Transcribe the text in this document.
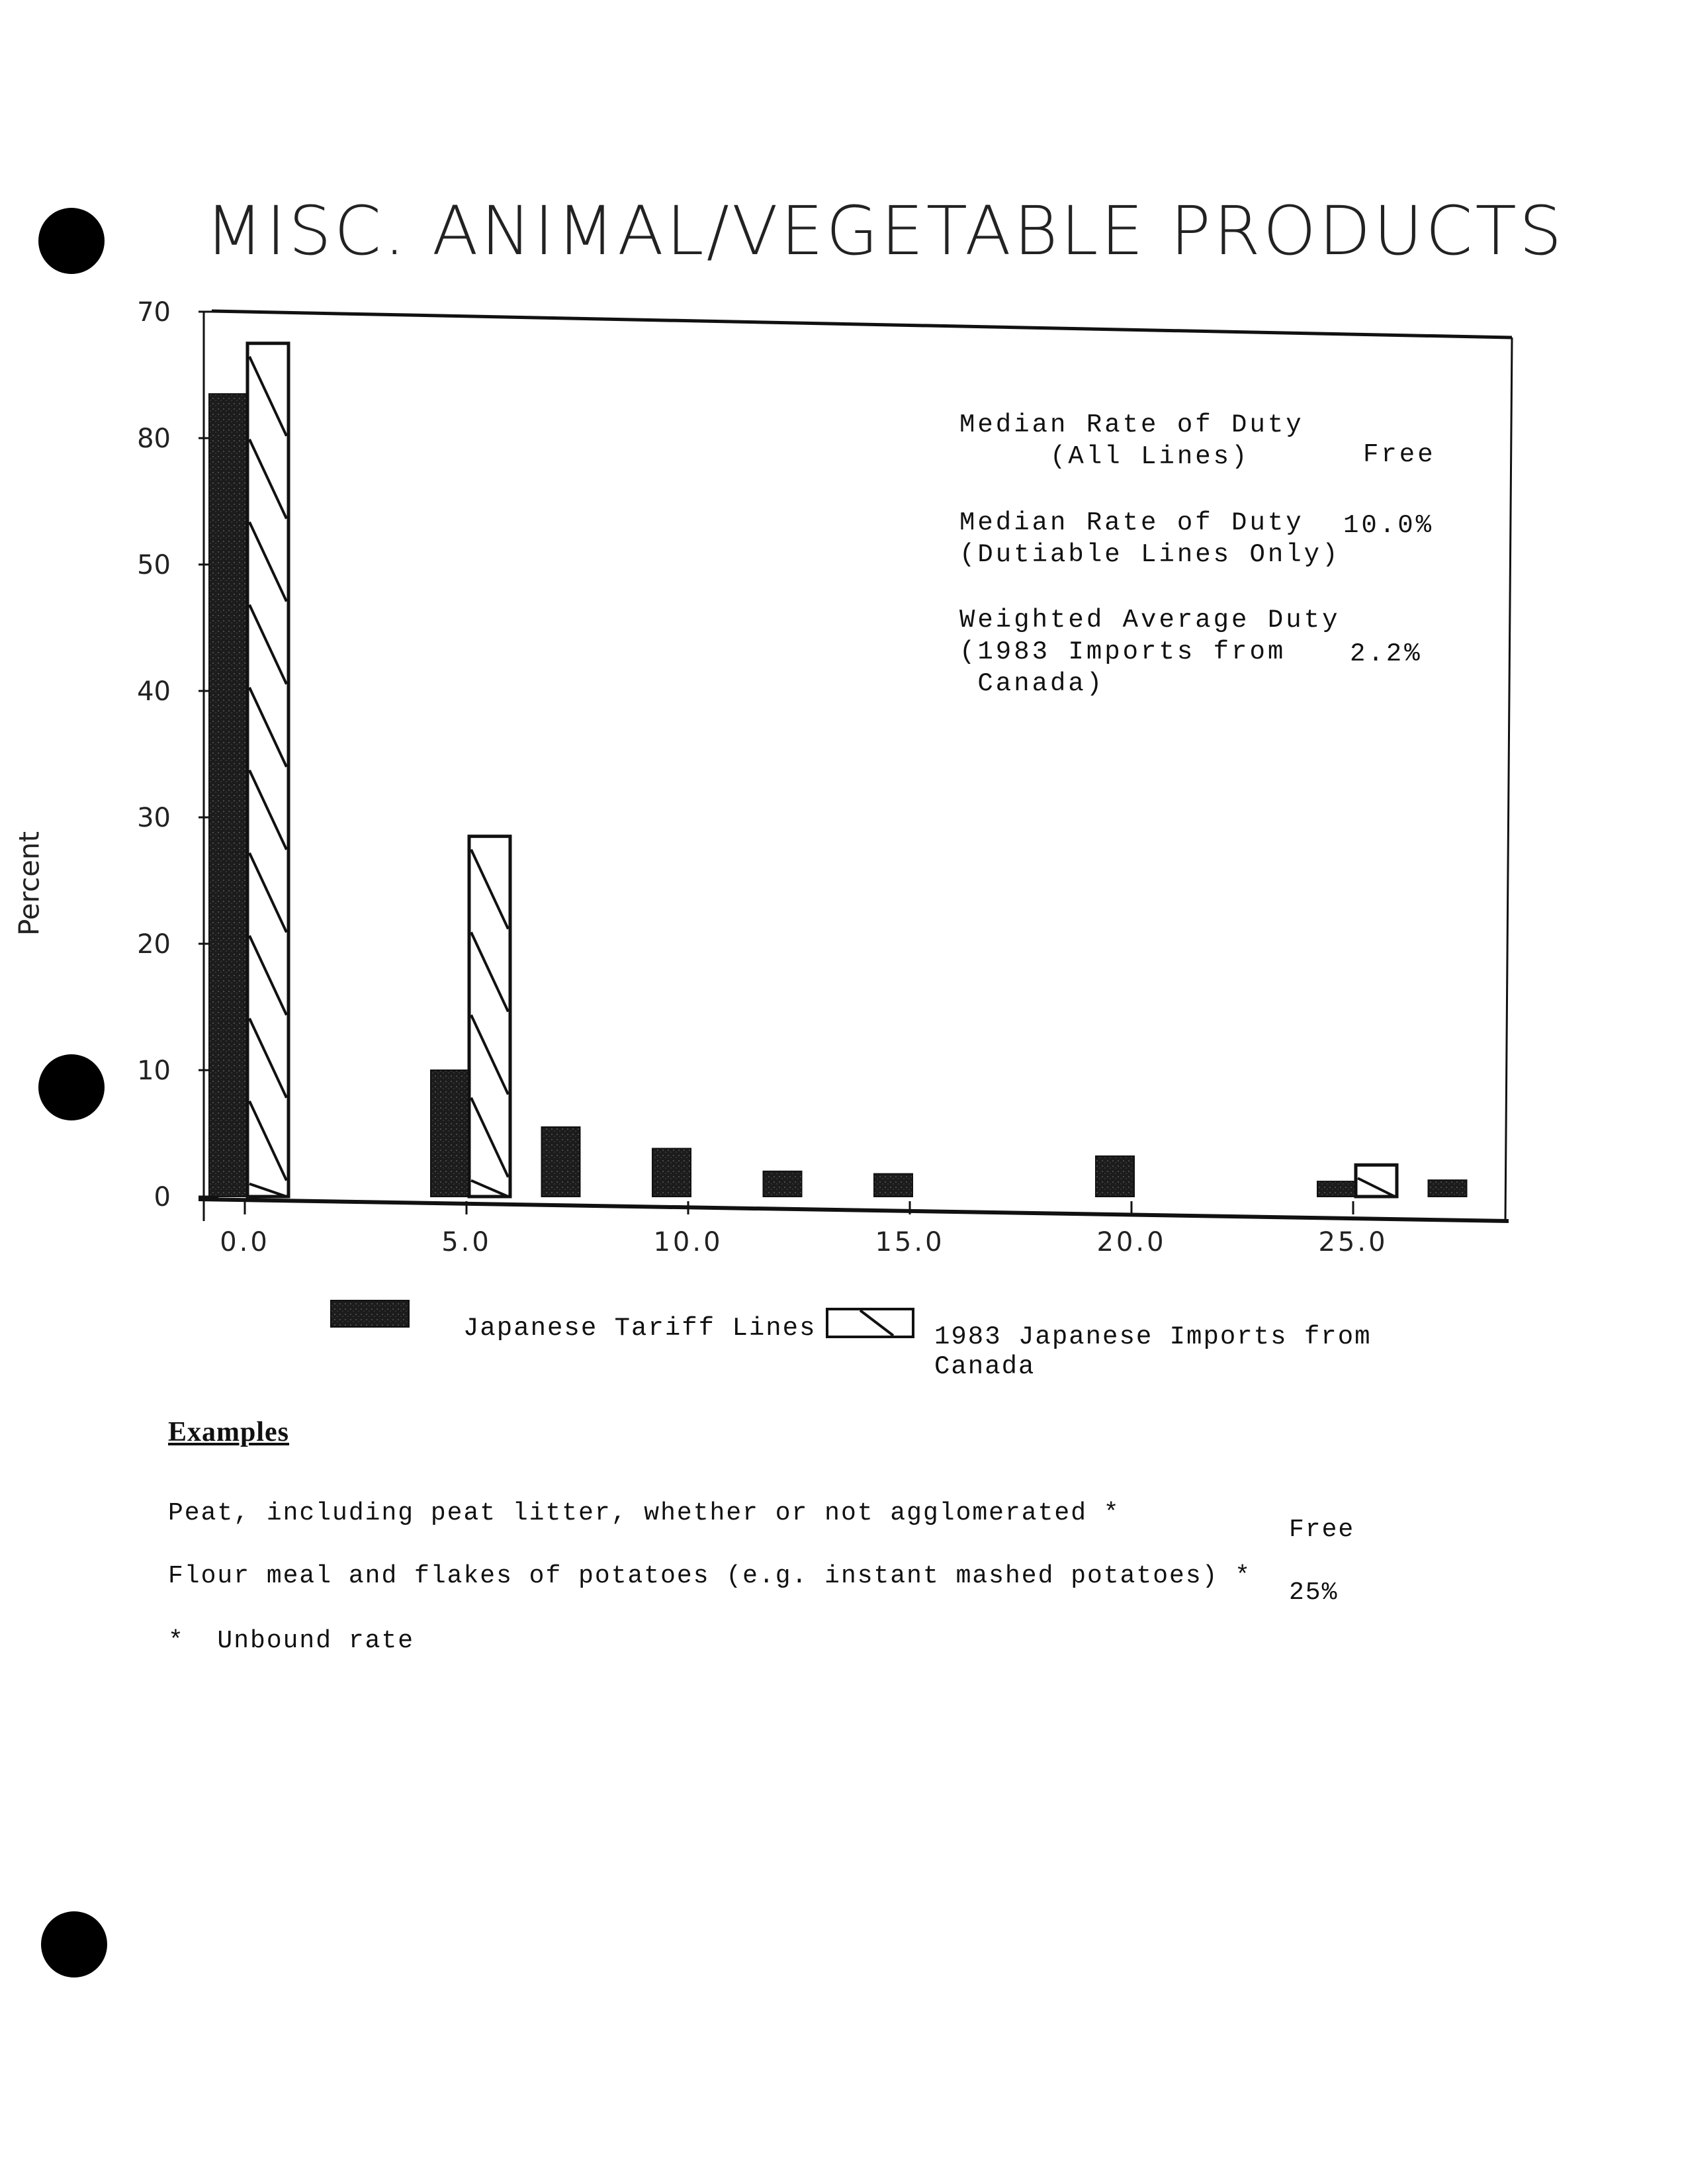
MISC. ANIMAL/VEGETABLE PRODUCTS
Percent
0
10
20
30
40
50
80
70
0.0	5.0	10.0	15.0	20.0	25.0
Median Rate of Duty
(All Lines)	Free
Median Rate of Duty 10.0%
(Dutiable Lines Only)
Weighted Average Duty
(1983 Imports from 2.2%
Canada)
Japanese Tariff Lines	1983 Japanese Imports from
Canada
Examples
Peat, including peat litter, whether or not agglomerated *
Free
Flour meal and flakes of potatoes (e.g. instant mashed potatoes) *
25%
*  Unbound rate
